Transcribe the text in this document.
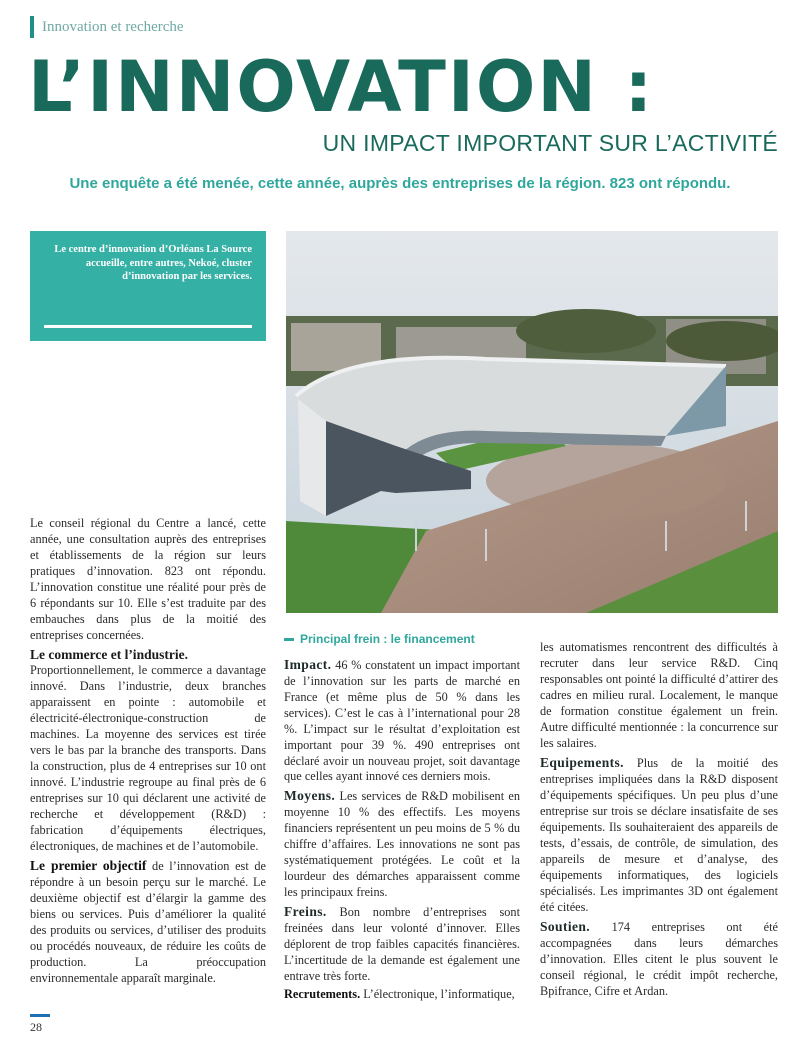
Innovation et recherche
L’INNOVATION :
UN IMPACT IMPORTANT SUR L’ACTIVITÉ
Une enquête a été menée, cette année, auprès des entreprises de la région. 823 ont répondu.
Le centre d’innovation d’Orléans La Source accueille, entre autres, Nekoé, cluster d’innovation par les services.

Le conseil régional du Centre a lancé, cette année, une consultation auprès des entreprises et établissements de la région sur leurs pratiques d’innovation. 823 ont répondu. L’innovation constitue une réalité pour près de 6 répondants sur 10. Elle s’est traduite par des embauches dans plus de la moitié des entreprises concernées.

Le commerce et l’industrie.
Proportionnellement, le commerce a davantage innové. Dans l’industrie, deux branches apparaissent en pointe : automobile et électricité-électronique-construction de machines. La moyenne des services est tirée vers le bas par la branche des transports. Dans la construction, plus de 4 entreprises sur 10 ont innové. L’industrie regroupe au final près de 6 entreprises sur 10 qui déclarent une activité de recherche et développement (R&D) : fabrication d’équipements électriques, électroniques, de machines et de l’automobile.

Le premier objectif de l’innovation est de répondre à un besoin perçu sur le marché. Le deuxième objectif est d’élargir la gamme des biens ou services. Puis d’améliorer la qualité des produits ou services, d’utiliser des produits ou procédés nouveaux, de réduire les coûts de production. La préoccupation environnementale apparaît marginale.

Principal frein : le financement

Impact. 46 % constatent un impact important de l’innovation sur les parts de marché en France (et même plus de 50 % dans les services). C’est le cas à l’international pour 28 %. L’impact sur le résultat d’exploitation est important pour 39 %. 490 entreprises ont déclaré avoir un nouveau projet, soit davantage que celles ayant innové ces derniers mois.

Moyens. Les services de R&D mobilisent en moyenne 10 % des effectifs. Les moyens financiers représentent un peu moins de 5 % du chiffre d’affaires. Les innovations ne sont pas systématiquement protégées. Le coût et la lourdeur des démarches apparaissent comme les principaux freins.

Freins. Bon nombre d’entreprises sont freinées dans leur volonté d’innover. Elles déplorent de trop faibles capacités financières. L’incertitude de la demande est également une entrave très forte.

Recrutements. L’électronique, l’informatique,

les automatismes rencontrent des difficultés à recruter dans leur service R&D. Cinq responsables ont pointé la difficulté d’attirer des cadres en milieu rural. Localement, le manque de formation constitue également un frein. Autre difficulté mentionnée : la concurrence sur les salaires.

Equipements. Plus de la moitié des entreprises impliquées dans la R&D disposent d’équipements spécifiques. Un peu plus d’une entreprise sur trois se déclare insatisfaite de ses équipements. Ils souhaiteraient des appareils de tests, d’essais, de contrôle, de simulation, des appareils de mesure et d’analyse, des équipements informatiques, des logiciels spécialisés. Les imprimantes 3D ont également été citées.

Soutien. 174 entreprises ont été accompagnées dans leurs démarches d’innovation. Elles citent le plus souvent le conseil régional, le crédit impôt recherche, Bpifrance, Cifre et Ardan.

28
